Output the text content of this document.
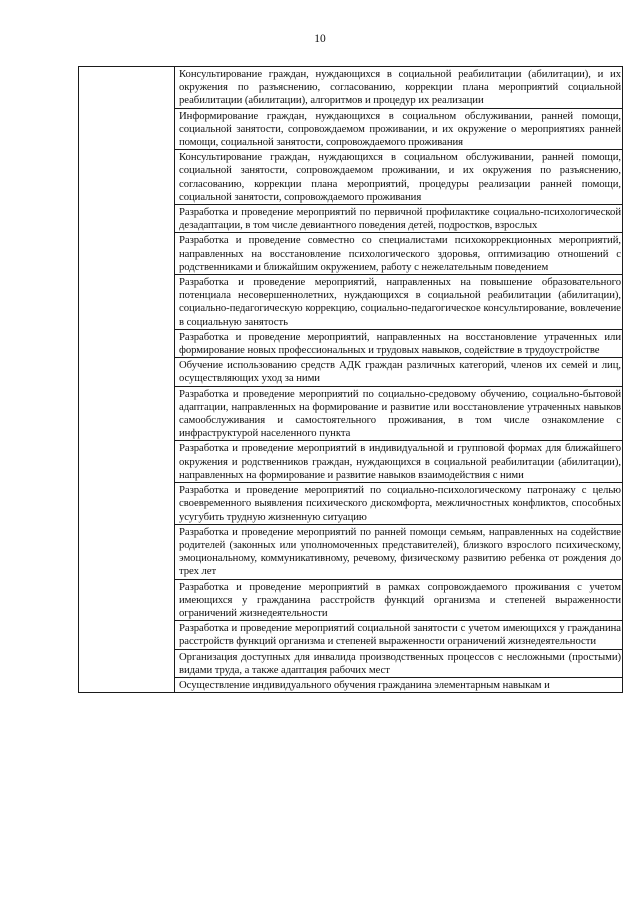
10

Консультирование граждан, нуждающихся в социальной реабилитации (абилитации), и их окружения по разъяснению, согласованию, коррекции плана мероприятий социальной реабилитации (абилитации), алгоритмов и процедур их реализации

Информирование граждан, нуждающихся в социальном обслуживании, ранней помощи, социальной занятости, сопровождаемом проживании, и их окружение о мероприятиях ранней помощи, социальной занятости, сопровождаемого проживания

Консультирование граждан, нуждающихся в социальном обслуживании, ранней помощи, социальной занятости, сопровождаемом проживании, и их окружения по разъяснению, согласованию, коррекции плана мероприятий, процедуры реализации ранней помощи, социальной занятости, сопровождаемого проживания

Разработка и проведение мероприятий по первичной профилактике социально-психологической дезадаптации, в том числе девиантного поведения детей, подростков, взрослых

Разработка и проведение совместно со специалистами психокоррекционных мероприятий, направленных на восстановление психологического здоровья, оптимизацию отношений с родственниками и ближайшим окружением, работу с нежелательным поведением

Разработка и проведение мероприятий, направленных на повышение образовательного потенциала несовершеннолетних, нуждающихся в социальной реабилитации (абилитации), социально-педагогическую коррекцию, социально-педагогическое консультирование, вовлечение в социальную занятость

Разработка и проведение мероприятий, направленных на восстановление утраченных или формирование новых профессиональных и трудовых навыков, содействие в трудоустройстве

Обучение использованию средств АДК граждан различных категорий, членов их семей и лиц, осуществляющих уход за ними

Разработка и проведение мероприятий по социально-средовому обучению, социально-бытовой адаптации, направленных на формирование и развитие или восстановление утраченных навыков самообслуживания и самостоятельного проживания, в том числе ознакомление с инфраструктурой населенного пункта

Разработка и проведение мероприятий в индивидуальной и групповой формах для ближайшего окружения и родственников граждан, нуждающихся в социальной реабилитации (абилитации), направленных на формирование и развитие навыков взаимодействия с ними

Разработка и проведение мероприятий по социально-психологическому патронажу с целью своевременного выявления психического дискомфорта, межличностных конфликтов, способных усугубить трудную жизненную ситуацию

Разработка и проведение мероприятий по ранней помощи семьям, направленных на содействие родителей (законных или уполномоченных представителей), близкого взрослого психическому, эмоциональному, коммуникативному, речевому, физическому развитию ребенка от рождения до трех лет

Разработка и проведение мероприятий в рамках сопровождаемого проживания с учетом имеющихся у гражданина расстройств функций организма и степеней выраженности ограничений жизнедеятельности

Разработка и проведение мероприятий социальной занятости с учетом имеющихся у гражданина расстройств функций организма и степеней выраженности ограничений жизнедеятельности

Организация доступных для инвалида производственных процессов с несложными (простыми) видами труда, а также адаптация рабочих мест

Осуществление индивидуального обучения гражданина элементарным навыкам и
